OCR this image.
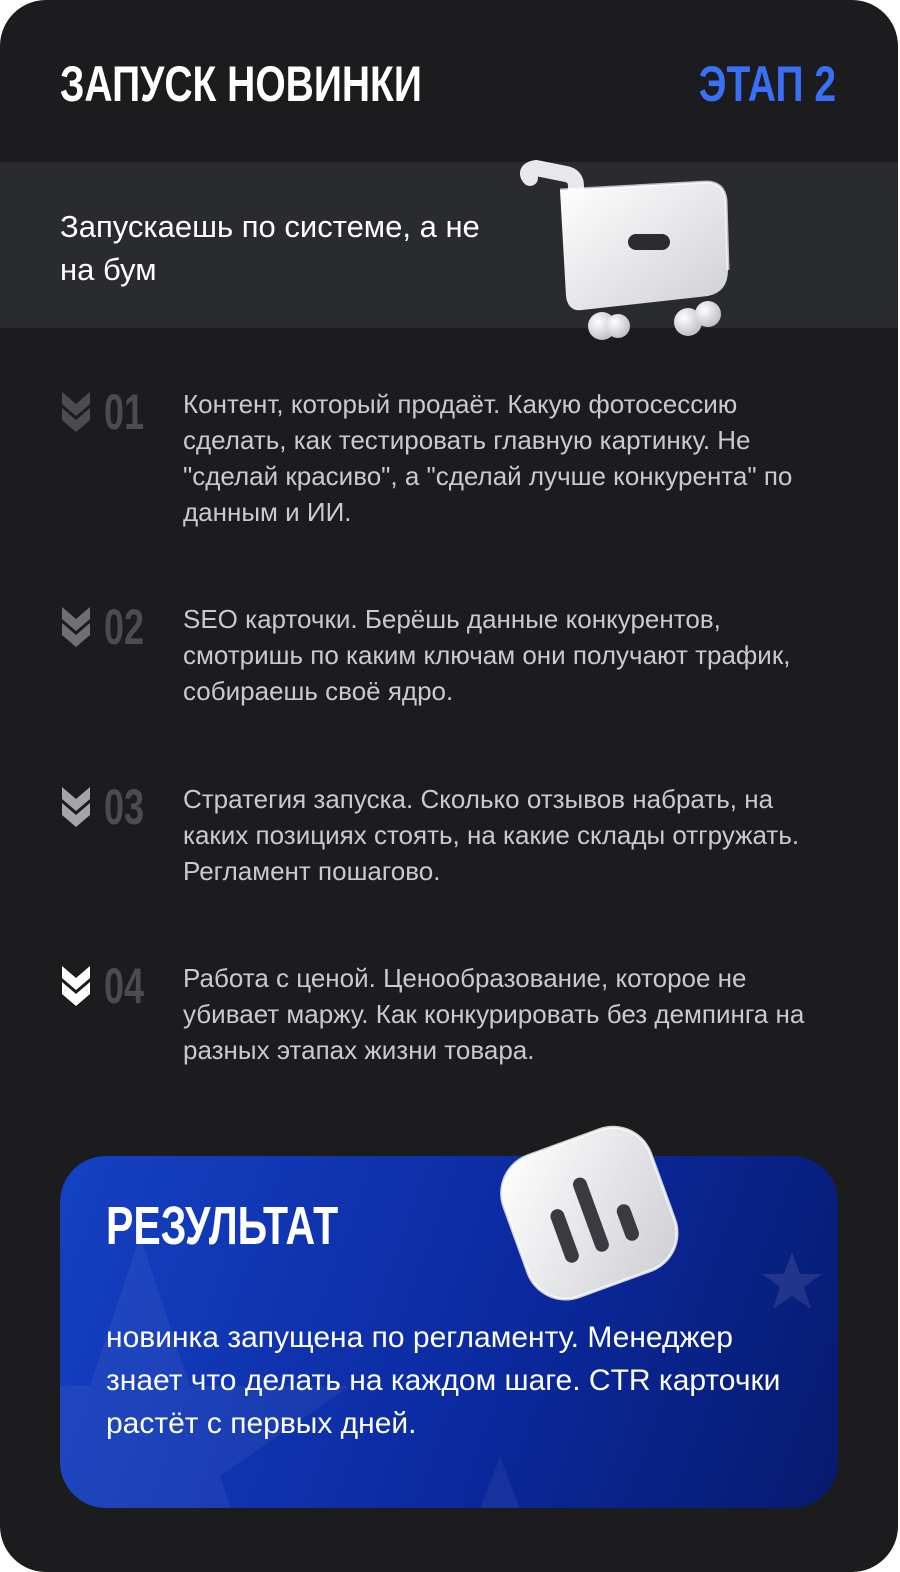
ЗАПУСК НОВИНКИ	ЭТАП 2
Запускаешь по системе, а не на бум
01 Контент, который продаёт. Какую фотосессию сделать, как тестировать главную картинку. Не "сделай красиво", а "сделай лучше конкурента" по данным и ИИ.
02 SEO карточки. Берёшь данные конкурентов, смотришь по каким ключам они получают трафик, собираешь своё ядро.
03 Стратегия запуска. Сколько отзывов набрать, на каких позициях стоять, на какие склады отгружать. Регламент пошагово.
04 Работа с ценой. Ценообразование, которое не убивает маржу. Как конкурировать без демпинга на разных этапах жизни товара.
РЕЗУЛЬТАТ
новинка запущена по регламенту. Менеджер знает что делать на каждом шаге. CTR карточки растёт с первых дней.
